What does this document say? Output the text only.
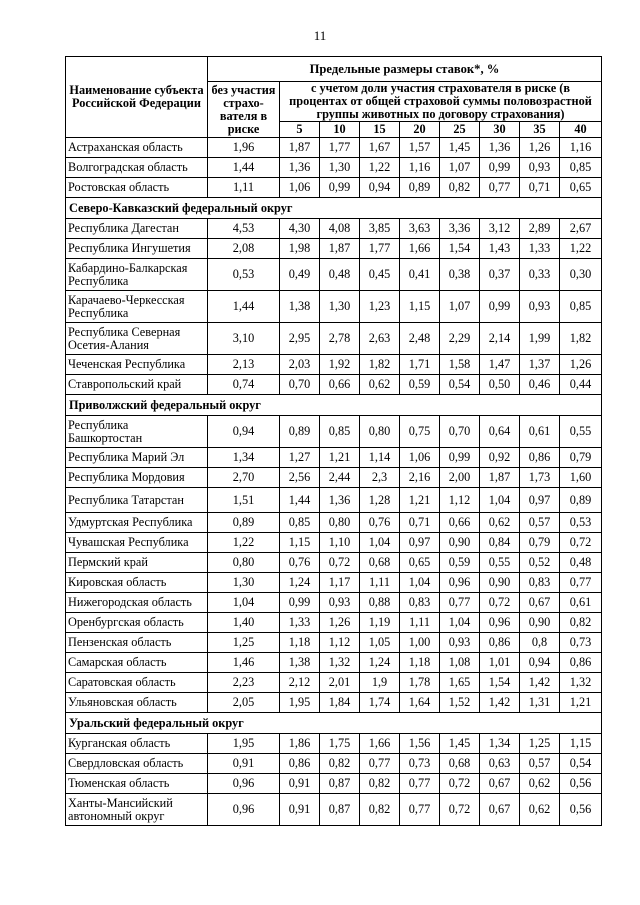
11
Наименование субъекта Российской Федерации	Предельные размеры ставок*, %								
	без участия страхо-вателя в риске	с учетом доли участия страхователя в риске (в процентах от общей страховой суммы половозрастной группы животных по договору страхования)							
		5	10	15	20	25	30	35	40
Астраханская область	1,96	1,87	1,77	1,67	1,57	1,45	1,36	1,26	1,16
Волгоградская область	1,44	1,36	1,30	1,22	1,16	1,07	0,99	0,93	0,85
Ростовская область	1,11	1,06	0,99	0,94	0,89	0,82	0,77	0,71	0,65
Северо-Кавказский федеральный округ									
Республика Дагестан	4,53	4,30	4,08	3,85	3,63	3,36	3,12	2,89	2,67
Республика Ингушетия	2,08	1,98	1,87	1,77	1,66	1,54	1,43	1,33	1,22
Кабардино-Балкарская Республика	0,53	0,49	0,48	0,45	0,41	0,38	0,37	0,33	0,30
Карачаево-Черкесская Республика	1,44	1,38	1,30	1,23	1,15	1,07	0,99	0,93	0,85
Республика Северная Осетия-Алания	3,10	2,95	2,78	2,63	2,48	2,29	2,14	1,99	1,82
Чеченская Республика	2,13	2,03	1,92	1,82	1,71	1,58	1,47	1,37	1,26
Ставропольский край	0,74	0,70	0,66	0,62	0,59	0,54	0,50	0,46	0,44
Приволжский федеральный округ									
Республика Башкортостан	0,94	0,89	0,85	0,80	0,75	0,70	0,64	0,61	0,55
Республика Марий Эл	1,34	1,27	1,21	1,14	1,06	0,99	0,92	0,86	0,79
Республика Мордовия	2,70	2,56	2,44	2,3	2,16	2,00	1,87	1,73	1,60
Республика Татарстан	1,51	1,44	1,36	1,28	1,21	1,12	1,04	0,97	0,89
Удмуртская Республика	0,89	0,85	0,80	0,76	0,71	0,66	0,62	0,57	0,53
Чувашская Республика	1,22	1,15	1,10	1,04	0,97	0,90	0,84	0,79	0,72
Пермский край	0,80	0,76	0,72	0,68	0,65	0,59	0,55	0,52	0,48
Кировская область	1,30	1,24	1,17	1,11	1,04	0,96	0,90	0,83	0,77
Нижегородская область	1,04	0,99	0,93	0,88	0,83	0,77	0,72	0,67	0,61
Оренбургская область	1,40	1,33	1,26	1,19	1,11	1,04	0,96	0,90	0,82
Пензенская область	1,25	1,18	1,12	1,05	1,00	0,93	0,86	0,8	0,73
Самарская область	1,46	1,38	1,32	1,24	1,18	1,08	1,01	0,94	0,86
Саратовская область	2,23	2,12	2,01	1,9	1,78	1,65	1,54	1,42	1,32
Ульяновская область	2,05	1,95	1,84	1,74	1,64	1,52	1,42	1,31	1,21
Уральский федеральный округ									
Курганская область	1,95	1,86	1,75	1,66	1,56	1,45	1,34	1,25	1,15
Свердловская область	0,91	0,86	0,82	0,77	0,73	0,68	0,63	0,57	0,54
Тюменская область	0,96	0,91	0,87	0,82	0,77	0,72	0,67	0,62	0,56
Ханты-Мансийский автономный округ	0,96	0,91	0,87	0,82	0,77	0,72	0,67	0,62	0,56
